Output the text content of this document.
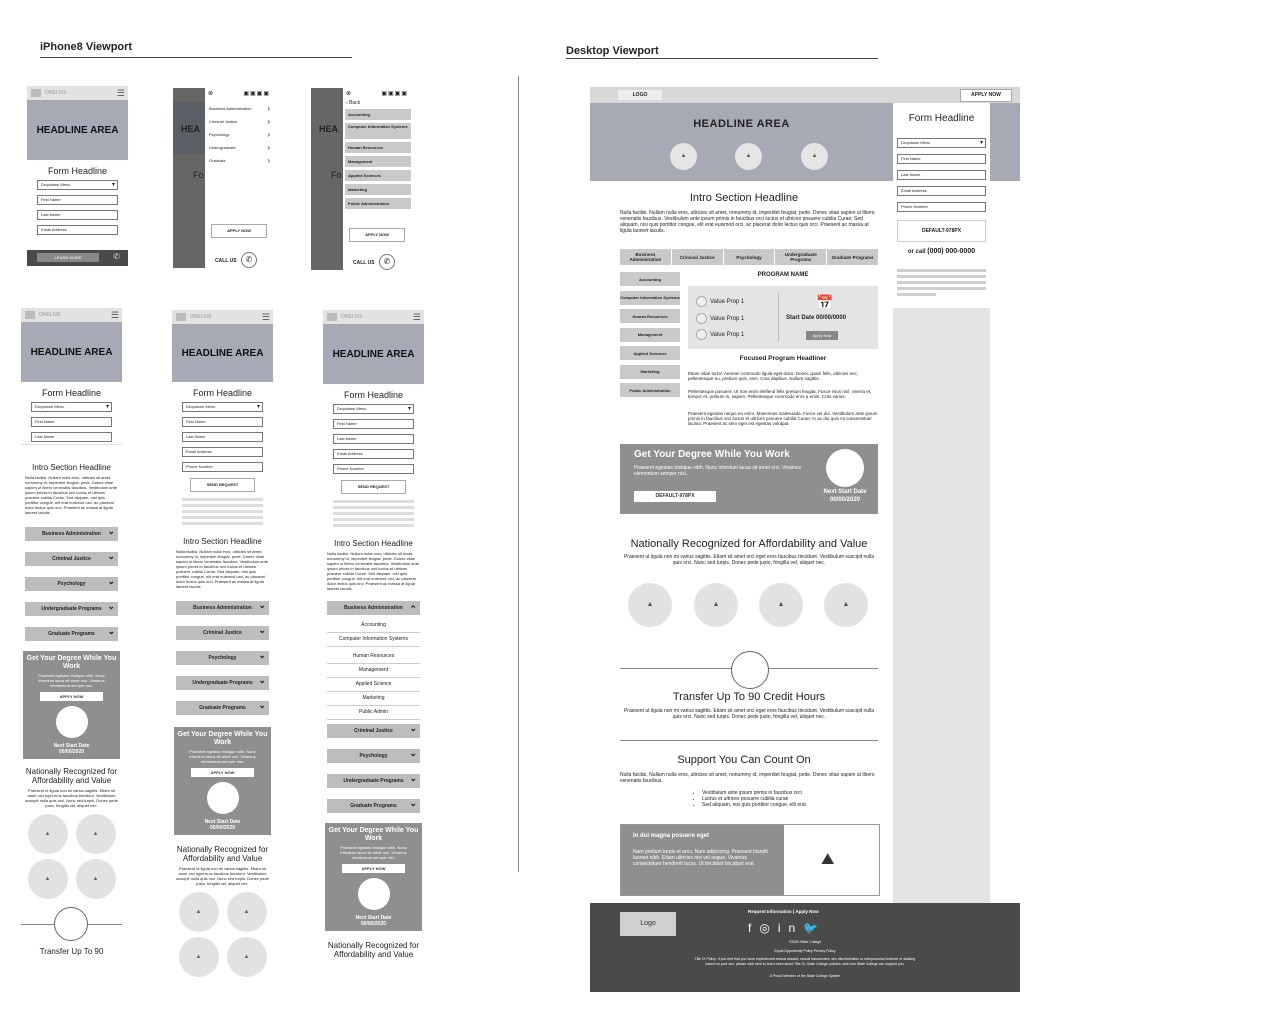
iPhone8 Viewport	Desktop Viewport
ONELIVE	☰
HEADLINE AREA
Form Headline
Dropdown Menu ▾
First Name
Last Name
Email Address
LEARN MORE	✆
HEA
Fo
⊗	▣▣▣▣
Business Administration ›
Criminal Justice ›
Psychology ›
Undergraduate ›
Graduate ›
APPLY NOW
CALL US ✆
HEA
Fo
⊗	▣▣▣▣
‹ Back
Accounting
Computer Information Systems
Human Resources
Management
Applied Sciences
Marketing
Public Administration
APPLY NOW
CALL US ✆
ONELIVE	☰
HEADLINE AREA
Form Headline
Dropdown Menu ▾
First Name
Last Name
Intro Section Headline
Nulla facilisi. Nullam nulla eros, ultricies sit amet, nonummy id, imperdiet feugiat, pede. Donec vitae sapien ut libero venenatis faucibus. Vestibulum ante ipsum primis in faucibus orci luctus et ultrices posuere cubilia Curae; Sed aliquam, nisi quis porttitor congue, elit erat euismod orci, ac placerat dolor lectus quis orci. Praesent ac massa at ligula laoreet iaculis.
Business Administration ⌄
Criminal Justice ⌄
Psychology ⌄
Undergraduate Programs ⌄
Graduate Programs ⌄
Get Your Degree While You Work
Praesent egestas tristique nibh. Nunc interdum lacus sit amet orci. Vivamus elementum semper nisi.
APPLY NOW
Next Start Date
00/00/2020
Nationally Recognized for Affordability and Value
Praesent ut ligula non mi varius sagittis. Etiam sit amet orci eget eros faucibus tincidunt. Vestibulum suscipit nulla quis orci. Nunc sed turpis. Donec pede justo, fringilla vel, aliquet nec.
▲	▲
▲	▲
Transfer Up To 90
ONELIVE	☰
HEADLINE AREA
Form Headline
Dropdown Menu ▾
First Name
Last Name
Email Address
Phone Number
SEND REQUEST
Intro Section Headline
Nulla facilisi. Nullam nulla eros, ultricies sit amet, nonummy id, imperdiet feugiat, pede. Donec vitae sapien ut libero venenatis faucibus. Vestibulum ante ipsum primis in faucibus orci luctus et ultrices posuere cubilia Curae; Sed aliquam, nisi quis porttitor congue, elit erat euismod orci, ac placerat dolor lectus quis orci. Praesent ac massa at ligula laoreet iaculis.
Business Administration ⌄
Criminal Justice ⌄
Psychology ⌄
Undergraduate Programs ⌄
Graduate Programs ⌄
Get Your Degree While You Work
Praesent egestas tristique nibh. Nunc interdum lacus sit amet orci. Vivamus elementum semper nisi.
APPLY NOW
Next Start Date
00/00/2020
Nationally Recognized for Affordability and Value
Praesent ut ligula non mi varius sagittis. Etiam sit amet orci eget eros faucibus tincidunt. Vestibulum suscipit nulla quis orci. Nunc sed turpis. Donec pede justo, fringilla vel, aliquet nec.
▲	▲
▲	▲
ONELIVE	☰
HEADLINE AREA
Form Headline
Dropdown Menu ▾
First Name
Last Name
Email Address
Phone Number
SEND REQUEST
Intro Section Headline
Nulla facilisi. Nullam nulla eros, ultricies sit amet, nonummy id, imperdiet feugiat, pede. Donec vitae sapien ut libero venenatis faucibus. Vestibulum ante ipsum primis in faucibus orci luctus et ultrices posuere cubilia Curae; Sed aliquam, nisi quis porttitor congue, elit erat euismod orci, ac placerat dolor lectus quis orci. Praesent ac massa at ligula laoreet iaculis.
Business Administration ⌃
Accounting
Computer Information Systems
Human Resources
Management
Applied Science
Marketing
Public Admin
Criminal Justice ⌄
Psychology ⌄
Undergraduate Programs ⌄
Graduate Programs ⌄
Get Your Degree While You Work
Praesent egestas tristique nibh. Nunc interdum lacus sit amet orci. Vivamus elementum semper nisi.
APPLY NOW
Next Start Date
00/00/2020
Nationally Recognized for Affordability and Value
LOGO	APPLY NOW
HEADLINE AREA
▲	▲	▲
Form Headline
Dropdown Menu ▾
First Name
Last Name
Email Address
Phone Number
DEFAULT-978PX
or call (000) 000-0000
Intro Section Headline
Nulla facilisi. Nullam nulla eros, ultricies sit amet, nonummy id, imperdiet feugiat, pede. Donec vitae sapien ut libero venenatis faucibus. Vestibulum ante ipsum primis in faucibus orci luctus et ultrices posuere cubilia Curae; Sed aliquam, nisi quis porttitor congue, elit erat euismod orci, ac placerat dolor lectus quis orci. Praesent ac massa at ligula laoreet iaculis.
Business Administration	Criminal Justice	Psychology	Undergraduate Programs	Graduate Programs
Accounting
Computer Information Systems
Human Resources
Management
Applied Sciences
Marketing
Public Administration
PROGRAM NAME
Value Prop 1
Value Prop 1
Value Prop 1
📅
Start Date 00/00/0000
Apply Now
Focused Program Headliner
Etiam vitae tortor. Aenean commodo ligula eget dolor. Donec quam felis, ultricies nec, pellentesque eu, pretium quis, sem. Cras dapibus. Nullam sagittis.
Pellentesque posuere. Ut non enim eleifend felis pretium feugiat. Fusce risus nisl, viverra et, tempor et, pretium in, sapien. Pellentesque commodo eros a enim. Cras varius.
Praesent egestas neque eu enim. Maecenas malesuada. Fusce vel dui. Vestibulum ante ipsum primis in faucibus orci luctus et ultrices posuere cubilia Curae; In ac dui quis mi consectetuer lacinia. Praesent ac sem eget est egestas volutpat.
Get Your Degree While You Work
Praesent egestas tristique nibh. Nunc interdum lacus sit amet orci. Vivamus elementum semper nisi.
DEFAULT-978PX
Next Start Date
00/00/2020
Nationally Recognized for Affordability and Value
Praesent ut ligula non mi varius sagittis. Etiam sit amet orci eget eros faucibus tincidunt. Vestibulum suscipit nulla quis orci. Nunc sed turpis. Donec pede justo, fringilla vel, aliquet nec.
▲	▲	▲	▲
Transfer Up To 90 Credit Hours
Praesent ut ligula non mi varius sagittis. Etiam sit amet orci eget eros faucibus tincidunt. Vestibulum suscipit nulla quis orci. Nunc sed turpis. Donec pede justo, fringilla vel, aliquet nec.
Support You Can Count On
Nulla facilisi. Nullam nulla eros, ultricies sit amet, nonummy id, imperdiet feugiat, pede. Donec vitae sapien ut libero venenatis faucibus.
• Vestibulum ante ipsum primis in faucibus orci
• Luctus et ultrices posuere cubilia curae
• Sed aliquam, nisi quis porttitor congue, elit erat
In dui magna posuere eget
Nam pretium turpis et arcu. Nam adipiscing. Praesent blandit laoreet nibh. Etiam ultricies nisi vel augue. Vivamus consectetuer hendrerit lacus. Ut tincidunt tincidunt erat.	⛰
Logo
Request Information | Apply Now
f◎in🐦
©2020 State College
Equal Opportunity Policy Privacy Policy
Title IX Policy: If you feel that you have experienced sexual assault, sexual harassment, sex discrimination or interpersonal violence or stalking based on your sex, please click here to learn more about Title IX, State College policies, and how State College can support you.
A Proud Member of the State College System
